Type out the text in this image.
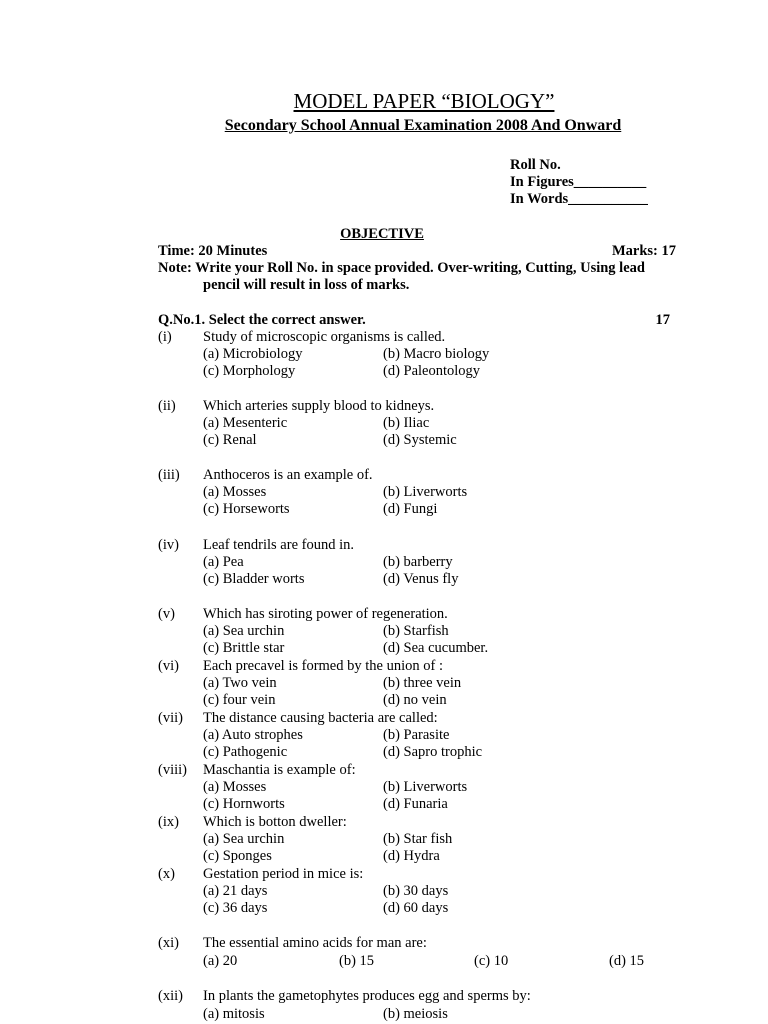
MODEL PAPER “BIOLOGY”
Secondary School Annual Examination 2008 And Onward
Roll No.
In Figures__________
In Words___________
OBJECTIVE
Time: 20 Minutes	Marks: 17
Note: Write your Roll No. in space provided. Over-writing, Cutting, Using lead
pencil will result in loss of marks.
Q.No.1. Select the correct answer.	17
(i) Study of microscopic organisms is called.
(a) Microbiology	(b) Macro biology
(c) Morphology	(d) Paleontology
(ii) Which arteries supply blood to kidneys.
(a) Mesenteric	(b) Iliac
(c) Renal	(d) Systemic
(iii) Anthoceros is an example of.
(a) Mosses	(b) Liverworts
(c) Horseworts	(d) Fungi
(iv) Leaf tendrils are found in.
(a) Pea	(b) barberry
(c) Bladder worts	(d) Venus fly
(v) Which has siroting power of regeneration.
(a) Sea urchin	(b) Starfish
(c) Brittle star	(d) Sea cucumber.
(vi) Each precavel is formed by the union of :
(a) Two vein	(b) three vein
(c) four vein	(d) no vein
(vii) The distance causing bacteria are called:
(a) Auto strophes	(b) Parasite
(c) Pathogenic	(d) Sapro trophic
(viii) Maschantia is example of:
(a) Mosses	(b) Liverworts
(c) Hornworts	(d) Funaria
(ix) Which is botton dweller:
(a) Sea urchin	(b) Star fish
(c) Sponges	(d) Hydra
(x) Gestation period in mice is:
(a) 21 days	(b) 30 days
(c) 36 days	(d) 60 days
(xi) The essential amino acids for man are:
(a) 20	(b) 15	(c) 10	(d) 15
(xii) In plants the gametophytes produces egg and sperms by:
(a) mitosis	(b) meiosis
